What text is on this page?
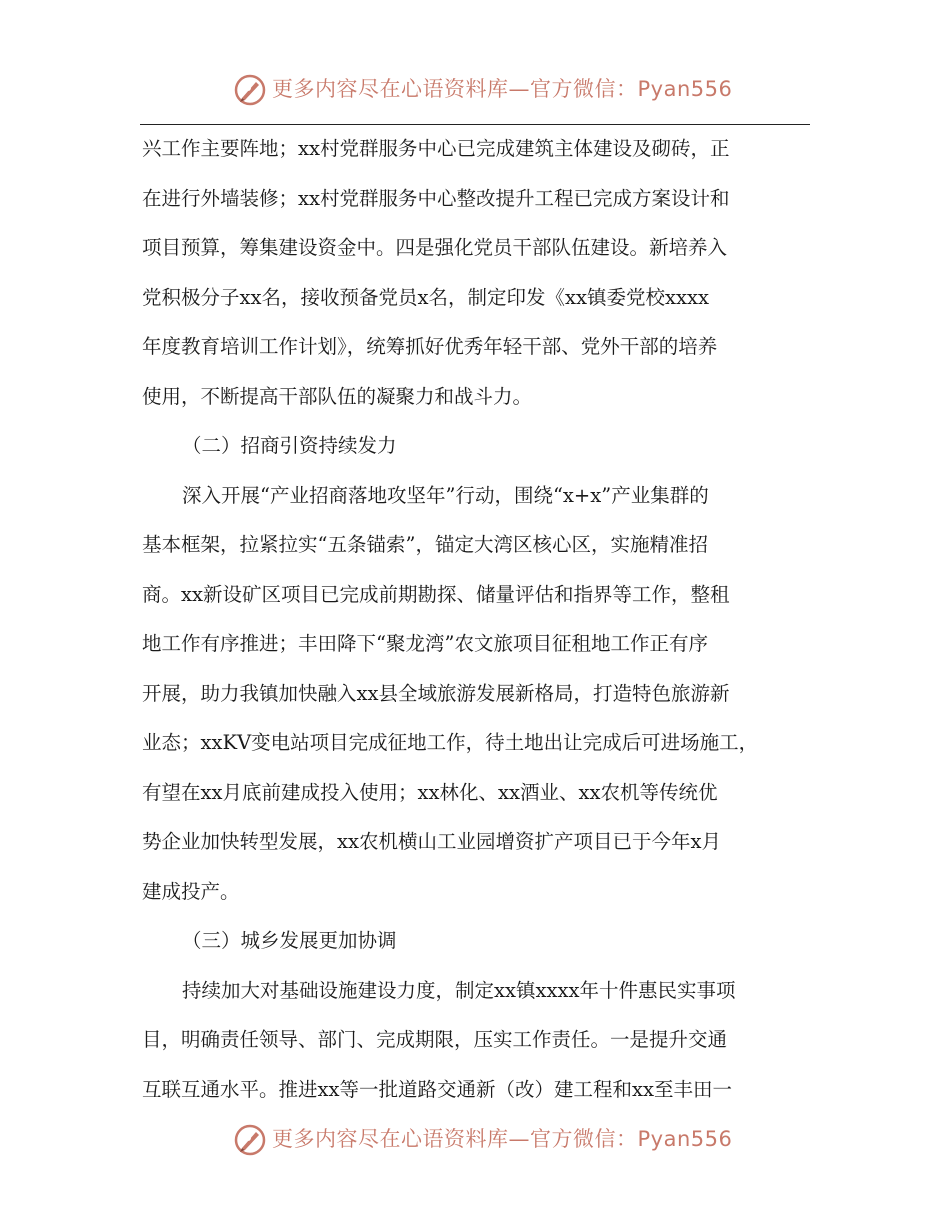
更多内容尽在心语资料库—官方微信：Pyan556
兴工作主要阵地；xx村党群服务中心已完成建筑主体建设及砌砖，正
在进行外墙装修；xx村党群服务中心整改提升工程已完成方案设计和
项目预算，筹集建设资金中。四是强化党员干部队伍建设。新培养入
党积极分子xx名，接收预备党员x名，制定印发《xx镇委党校xxxx
年度教育培训工作计划》，统筹抓好优秀年轻干部、党外干部的培养
使用，不断提高干部队伍的凝聚力和战斗力。
（二）招商引资持续发力
深入开展“产业招商落地攻坚年”行动，围绕“x+x”产业集群的
基本框架，拉紧拉实“五条锚索”，锚定大湾区核心区，实施精准招
商。xx新设矿区项目已完成前期勘探、储量评估和指界等工作，整租
地工作有序推进；丰田降下“聚龙湾”农文旅项目征租地工作正有序
开展，助力我镇加快融入xx县全域旅游发展新格局，打造特色旅游新
业态；xxKV变电站项目完成征地工作，待土地出让完成后可进场施工，
有望在xx月底前建成投入使用；xx林化、xx酒业、xx农机等传统优
势企业加快转型发展，xx农机横山工业园增资扩产项目已于今年x月
建成投产。
（三）城乡发展更加协调
持续加大对基础设施建设力度，制定xx镇xxxx年十件惠民实事项
目，明确责任领导、部门、完成期限，压实工作责任。一是提升交通
互联互通水平。推进xx等一批道路交通新（改）建工程和xx至丰田一
更多内容尽在心语资料库—官方微信：Pyan556
